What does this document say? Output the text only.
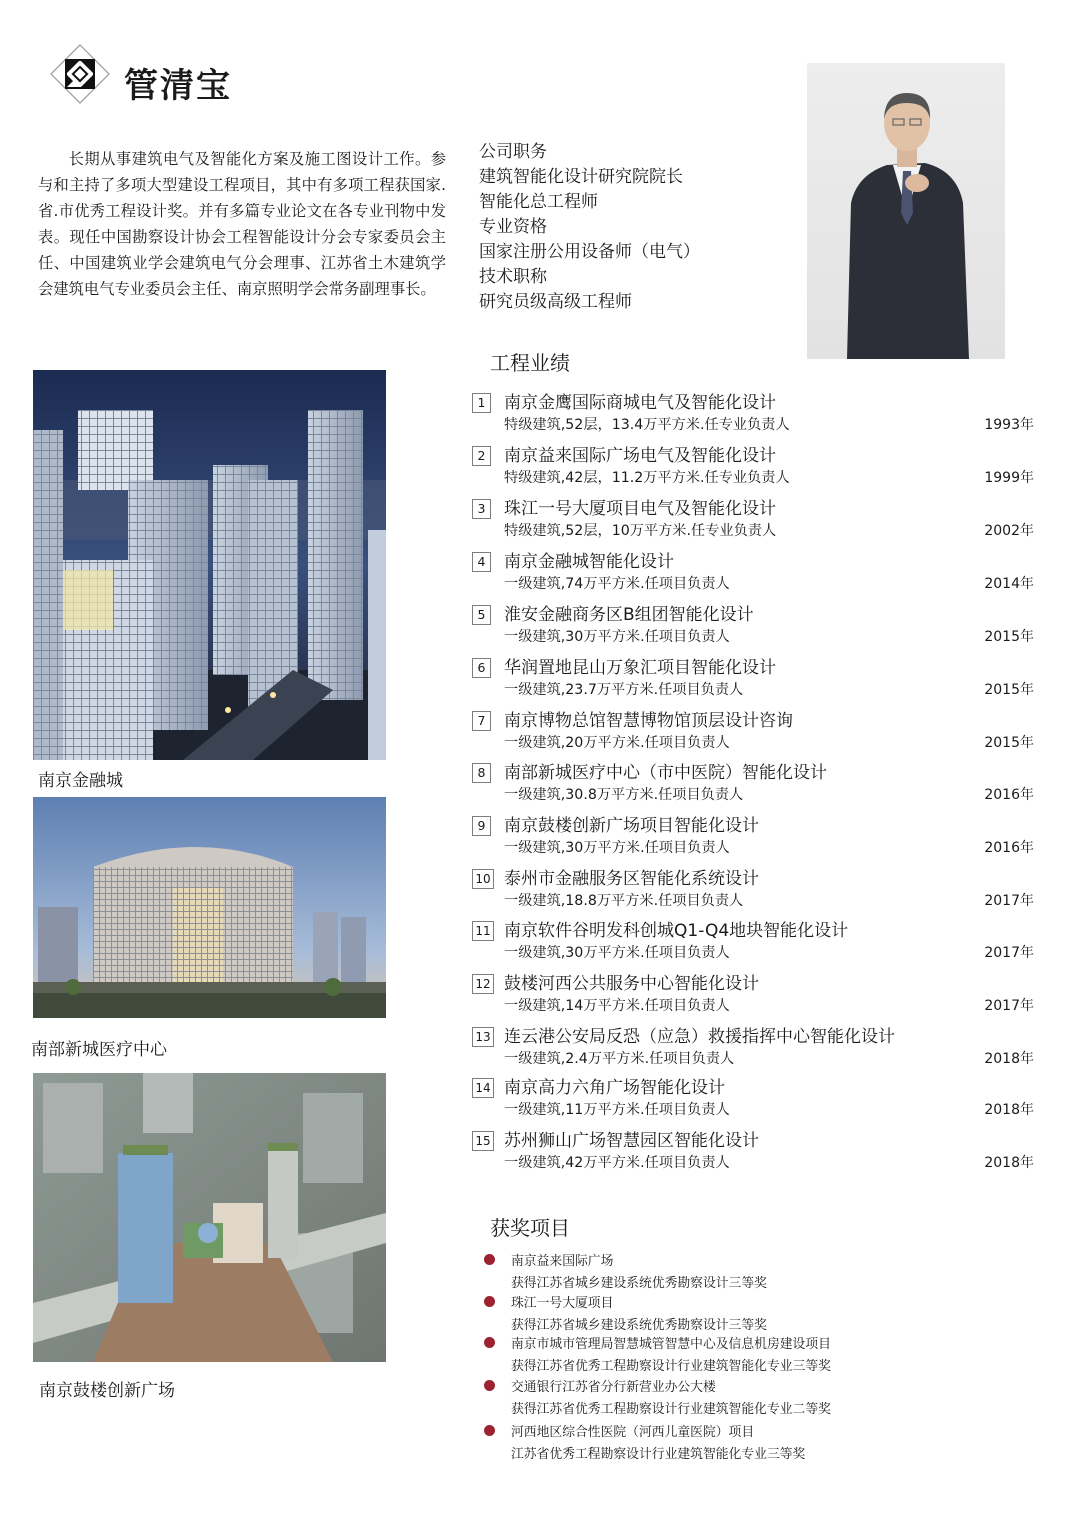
管清宝
长期从事建筑电气及智能化方案及施工图设计工作。参与和主持了多项大型建设工程项目，其中有多项工程获国家.省.市优秀工程设计奖。并有多篇专业论文在各专业刊物中发表。现任中国勘察设计协会工程智能设计分会专家委员会主任、中国建筑业学会建筑电气分会理事、江苏省土木建筑学会建筑电气专业委员会主任、南京照明学会常务副理事长。
公司职务
建筑智能化设计研究院院长
智能化总工程师
专业资格
国家注册公用设备师（电气）
技术职称
研究员级高级工程师
工程业绩
1	南京金鹰国际商城电气及智能化设计
特级建筑,52层，13.4万平方米.任专业负责人	1993年
2	南京益来国际广场电气及智能化设计
特级建筑,42层，11.2万平方米.任专业负责人	1999年
3	珠江一号大厦项目电气及智能化设计
特级建筑,52层，10万平方米.任专业负责人	2002年
4	南京金融城智能化设计
一级建筑,74万平方米.任项目负责人	2014年
5	淮安金融商务区B组团智能化设计
一级建筑,30万平方米.任项目负责人	2015年
6	华润置地昆山万象汇项目智能化设计
一级建筑,23.7万平方米.任项目负责人	2015年
7	南京博物总馆智慧博物馆顶层设计咨询
一级建筑,20万平方米.任项目负责人	2015年
8	南部新城医疗中心（市中医院）智能化设计
一级建筑,30.8万平方米.任项目负责人	2016年
9	南京鼓楼创新广场项目智能化设计
一级建筑,30万平方米.任项目负责人	2016年
10 泰州市金融服务区智能化系统设计
一级建筑,18.8万平方米.任项目负责人	2017年
11 南京软件谷明发科创城Q1-Q4地块智能化设计
一级建筑,30万平方米.任项目负责人	2017年
12 鼓楼河西公共服务中心智能化设计
一级建筑,14万平方米.任项目负责人	2017年
13 连云港公安局反恐（应急）救援指挥中心智能化设计
一级建筑,2.4万平方米.任项目负责人	2018年
14 南京高力六角广场智能化设计
一级建筑,11万平方米.任项目负责人	2018年
15 苏州狮山广场智慧园区智能化设计
一级建筑,42万平方米.任项目负责人	2018年
获奖项目
南京益来国际广场
获得江苏省城乡建设系统优秀勘察设计三等奖
珠江一号大厦项目
获得江苏省城乡建设系统优秀勘察设计三等奖
南京市城市管理局智慧城管智慧中心及信息机房建设项目
获得江苏省优秀工程勘察设计行业建筑智能化专业三等奖
交通银行江苏省分行新营业办公大楼
获得江苏省优秀工程勘察设计行业建筑智能化专业二等奖
河西地区综合性医院（河西儿童医院）项目
江苏省优秀工程勘察设计行业建筑智能化专业三等奖
南京金融城
南部新城医疗中心
南京鼓楼创新广场
